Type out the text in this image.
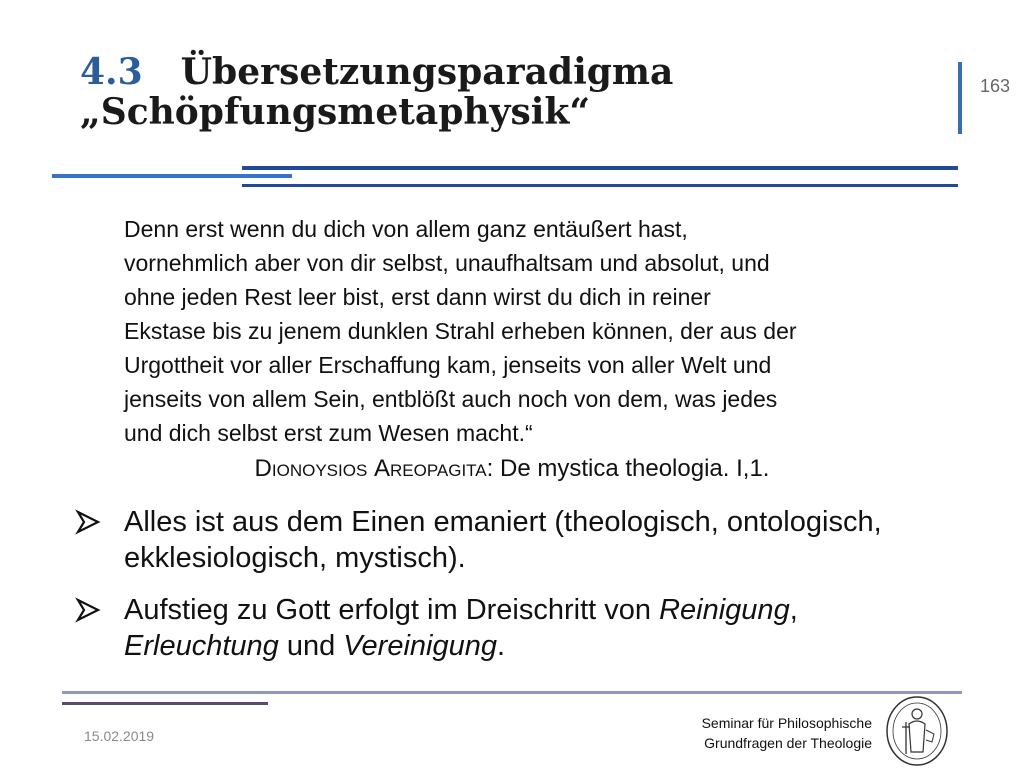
4.3 Übersetzungsparadigma
„Schöpfungsmetaphysik“
163
Denn erst wenn du dich von allem ganz entäußert hast,
vornehmlich aber von dir selbst, unaufhaltsam und absolut, und
ohne jeden Rest leer bist, erst dann wirst du dich in reiner
Ekstase bis zu jenem dunklen Strahl erheben können, der aus der
Urgottheit vor aller Erschaffung kam, jenseits von aller Welt und
jenseits von allem Sein, entblößt auch noch von dem, was jedes
und dich selbst erst zum Wesen macht.“
DIONOYSIOS AREOPAGITA: De mystica theologia. I,1.
Alles ist aus dem Einen emaniert (theologisch, ontologisch,
ekklesiologisch, mystisch).
Aufstieg zu Gott erfolgt im Dreischritt von Reinigung,
Erleuchtung und Vereinigung.
15.02.2019
Seminar für Philosophische
Grundfragen der Theologie
